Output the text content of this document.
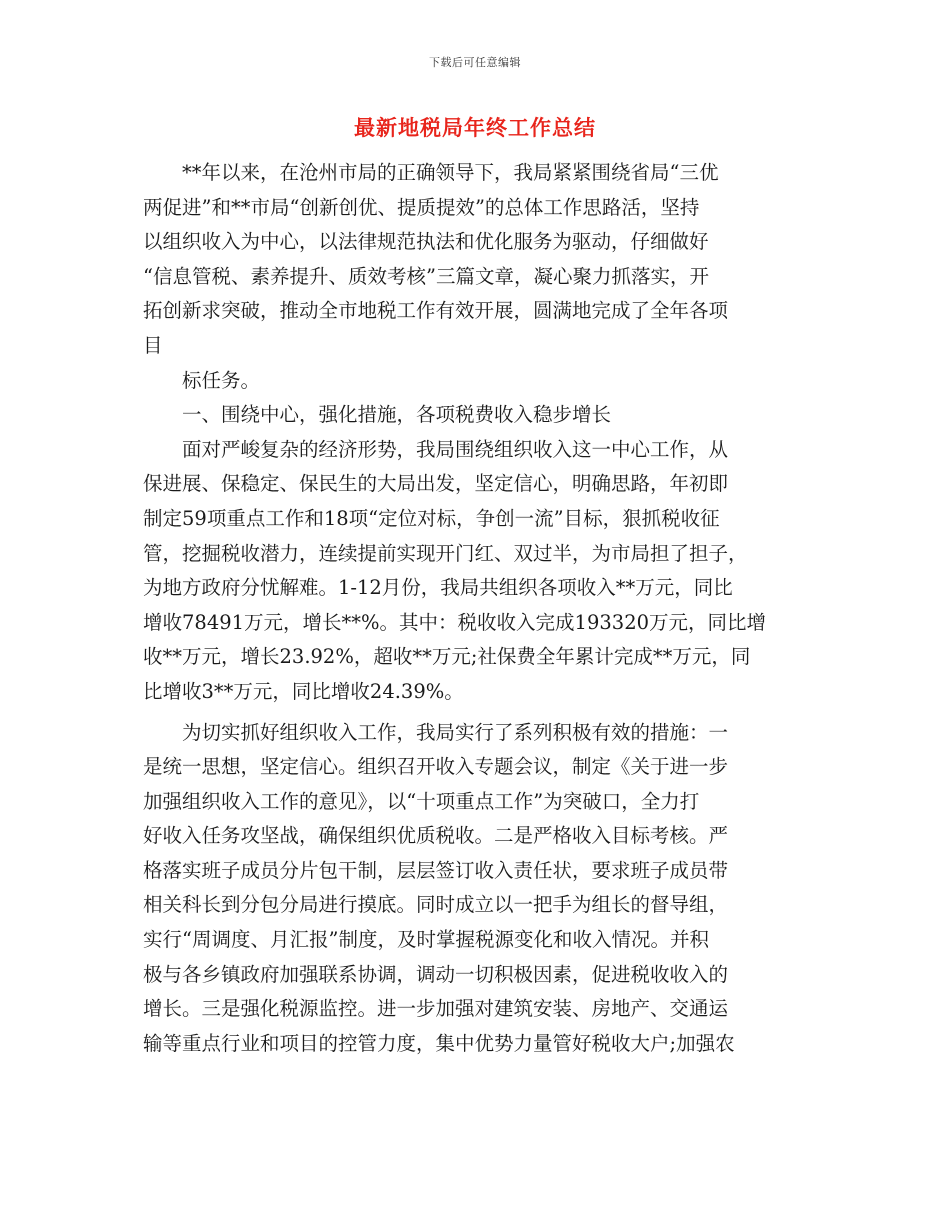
下载后可任意编辑
最新地税局年终工作总结
**年以来，在沧州市局的正确领导下，我局紧紧围绕省局“三优
两促进”和**市局“创新创优、提质提效”的总体工作思路活，坚持
以组织收入为中心，以法律规范执法和优化服务为驱动，仔细做好
“信息管税、素养提升、质效考核”三篇文章，凝心聚力抓落实，开
拓创新求突破，推动全市地税工作有效开展，圆满地完成了全年各项
目
标任务。
一、围绕中心，强化措施，各项税费收入稳步增长
面对严峻复杂的经济形势，我局围绕组织收入这一中心工作，从
保进展、保稳定、保民生的大局出发，坚定信心，明确思路，年初即
制定59项重点工作和18项“定位对标，争创一流”目标，狠抓税收征
管，挖掘税收潜力，连续提前实现开门红、双过半，为市局担了担子，
为地方政府分忧解难。1-12月份，我局共组织各项收入**万元，同比
增收78491万元，增长**%。其中：税收收入完成193320万元，同比增
收**万元，增长23.92%，超收**万元;社保费全年累计完成**万元，同
比增收3**万元，同比增收24.39%。
为切实抓好组织收入工作，我局实行了系列积极有效的措施：一
是统一思想，坚定信心。组织召开收入专题会议，制定《关于进一步
加强组织收入工作的意见》，以“十项重点工作”为突破口，全力打
好收入任务攻坚战，确保组织优质税收。二是严格收入目标考核。严
格落实班子成员分片包干制，层层签订收入责任状，要求班子成员带
相关科长到分包分局进行摸底。同时成立以一把手为组长的督导组，
实行“周调度、月汇报”制度，及时掌握税源变化和收入情况。并积
极与各乡镇政府加强联系协调，调动一切积极因素，促进税收收入的
增长。三是强化税源监控。进一步加强对建筑安装、房地产、交通运
输等重点行业和项目的控管力度，集中优势力量管好税收大户;加强农
